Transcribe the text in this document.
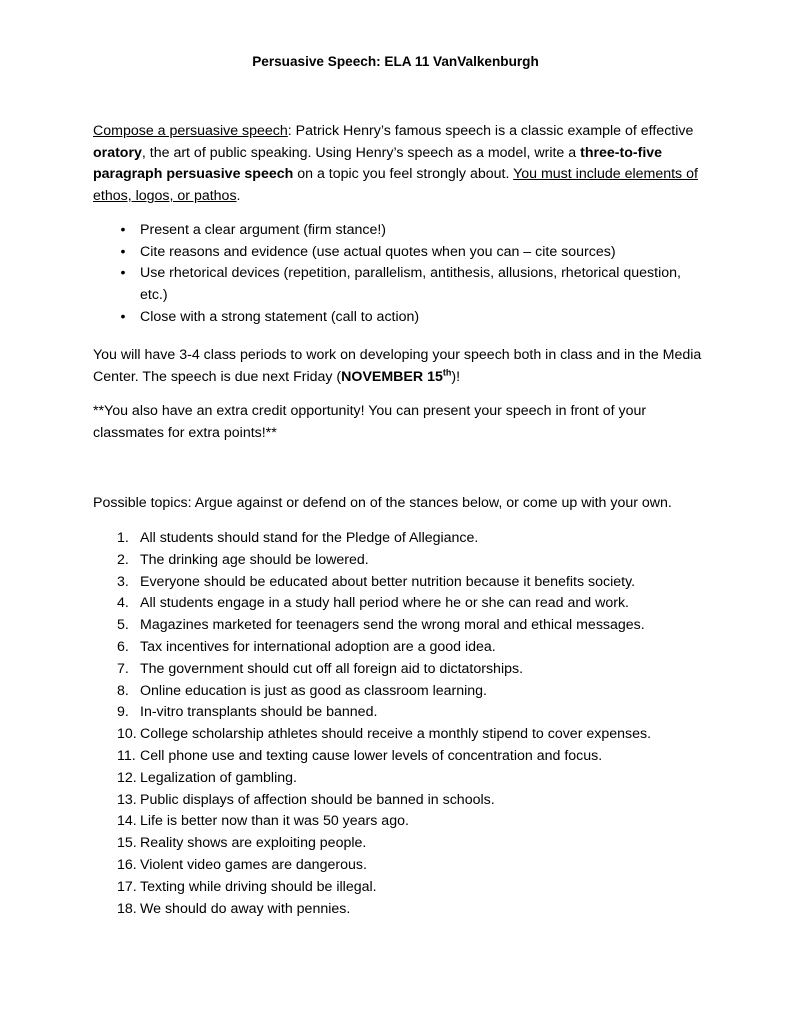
Persuasive Speech: ELA 11 VanValkenburgh

Compose a persuasive speech: Patrick Henry’s famous speech is a classic example of effective oratory, the art of public speaking. Using Henry’s speech as a model, write a three-to-five paragraph persuasive speech on a topic you feel strongly about. You must include elements of ethos, logos, or pathos.

• Present a clear argument (firm stance!)
• Cite reasons and evidence (use actual quotes when you can – cite sources)
• Use rhetorical devices (repetition, parallelism, antithesis, allusions, rhetorical question, etc.)
• Close with a strong statement (call to action)

You will have 3-4 class periods to work on developing your speech both in class and in the Media Center. The speech is due next Friday (NOVEMBER 15th)!

**You also have an extra credit opportunity! You can present your speech in front of your classmates for extra points!**

Possible topics: Argue against or defend on of the stances below, or come up with your own.

1. All students should stand for the Pledge of Allegiance.
2. The drinking age should be lowered.
3. Everyone should be educated about better nutrition because it benefits society.
4. All students engage in a study hall period where he or she can read and work.
5. Magazines marketed for teenagers send the wrong moral and ethical messages.
6. Tax incentives for international adoption are a good idea.
7. The government should cut off all foreign aid to dictatorships.
8. Online education is just as good as classroom learning.
9. In-vitro transplants should be banned.
10. College scholarship athletes should receive a monthly stipend to cover expenses.
11. Cell phone use and texting cause lower levels of concentration and focus.
12. Legalization of gambling.
13. Public displays of affection should be banned in schools.
14. Life is better now than it was 50 years ago.
15. Reality shows are exploiting people.
16. Violent video games are dangerous.
17. Texting while driving should be illegal.
18. We should do away with pennies.
